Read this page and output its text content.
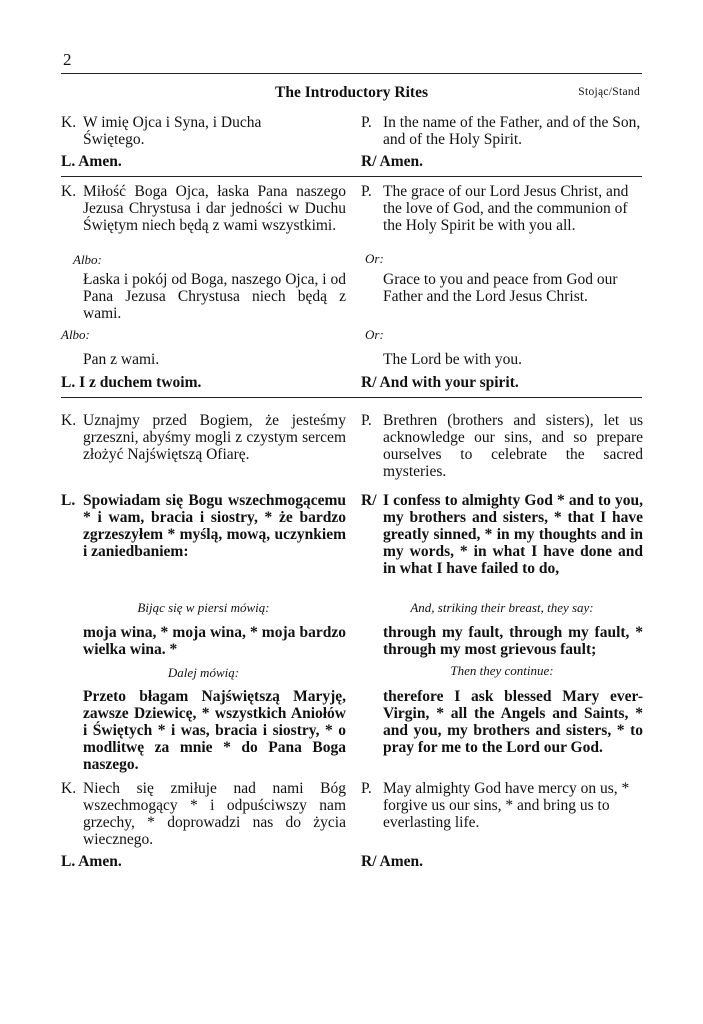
2
The Introductory Rites	Stojąc/Stand
K. W imię Ojca i Syna, i Ducha Świętego.
L. Amen.
P. In the name of the Father, and of the Son, and of the Holy Spirit.
R/ Amen.
K. Miłość Boga Ojca, łaska Pana naszego Jezusa Chrystusa i dar jedności w Duchu Świętym niech będą z wami wszystkimi.
Albo:
Łaska i pokój od Boga, naszego Ojca, i od Pana Jezusa Chrystusa niech będą z wami.
Albo:
Pan z wami.
L. I z duchem twoim.
P. The grace of our Lord Jesus Christ, and the love of God, and the communion of the Holy Spirit be with you all.
Or:
Grace to you and peace from God our Father and the Lord Jesus Christ.
Or:
The Lord be with you.
R/ And with your spirit.
K. Uznajmy przed Bogiem, że jesteśmy grzeszni, abyśmy mogli z czystym sercem złożyć Najświętszą Ofiarę.
L. Spowiadam się Bogu wszechmogącemu * i wam, bracia i siostry, * że bardzo zgrzeszyłem * myślą, mową, uczynkiem i zaniedbaniem:
Bijąc się w piersi mówią:
moja wina, * moja wina, * moja bardzo wielka wina. *
Dalej mówią:
Przeto błagam Najświętszą Maryję, zawsze Dziewicę, * wszystkich Aniołów i Świętych * i was, bracia i siostry, * o modlitwę za mnie * do Pana Boga naszego.
K. Niech się zmiłuje nad nami Bóg wszechmogący * i odpuściwszy nam grzechy, * doprowadzi nas do życia wiecznego.
L. Amen.
P. Brethren (brothers and sisters), let us acknowledge our sins, and so prepare ourselves to celebrate the sacred mysteries.
R/ I confess to almighty God * and to you, my brothers and sisters, * that I have greatly sinned, * in my thoughts and in my words, * in what I have done and in what I have failed to do,
And, striking their breast, they say:
through my fault, through my fault, * through my most grievous fault;
Then they continue:
therefore I ask blessed Mary ever-Virgin, * all the Angels and Saints, * and you, my brothers and sisters, * to pray for me to the Lord our God.
P. May almighty God have mercy on us, * forgive us our sins, * and bring us to everlasting life.
R/ Amen.
